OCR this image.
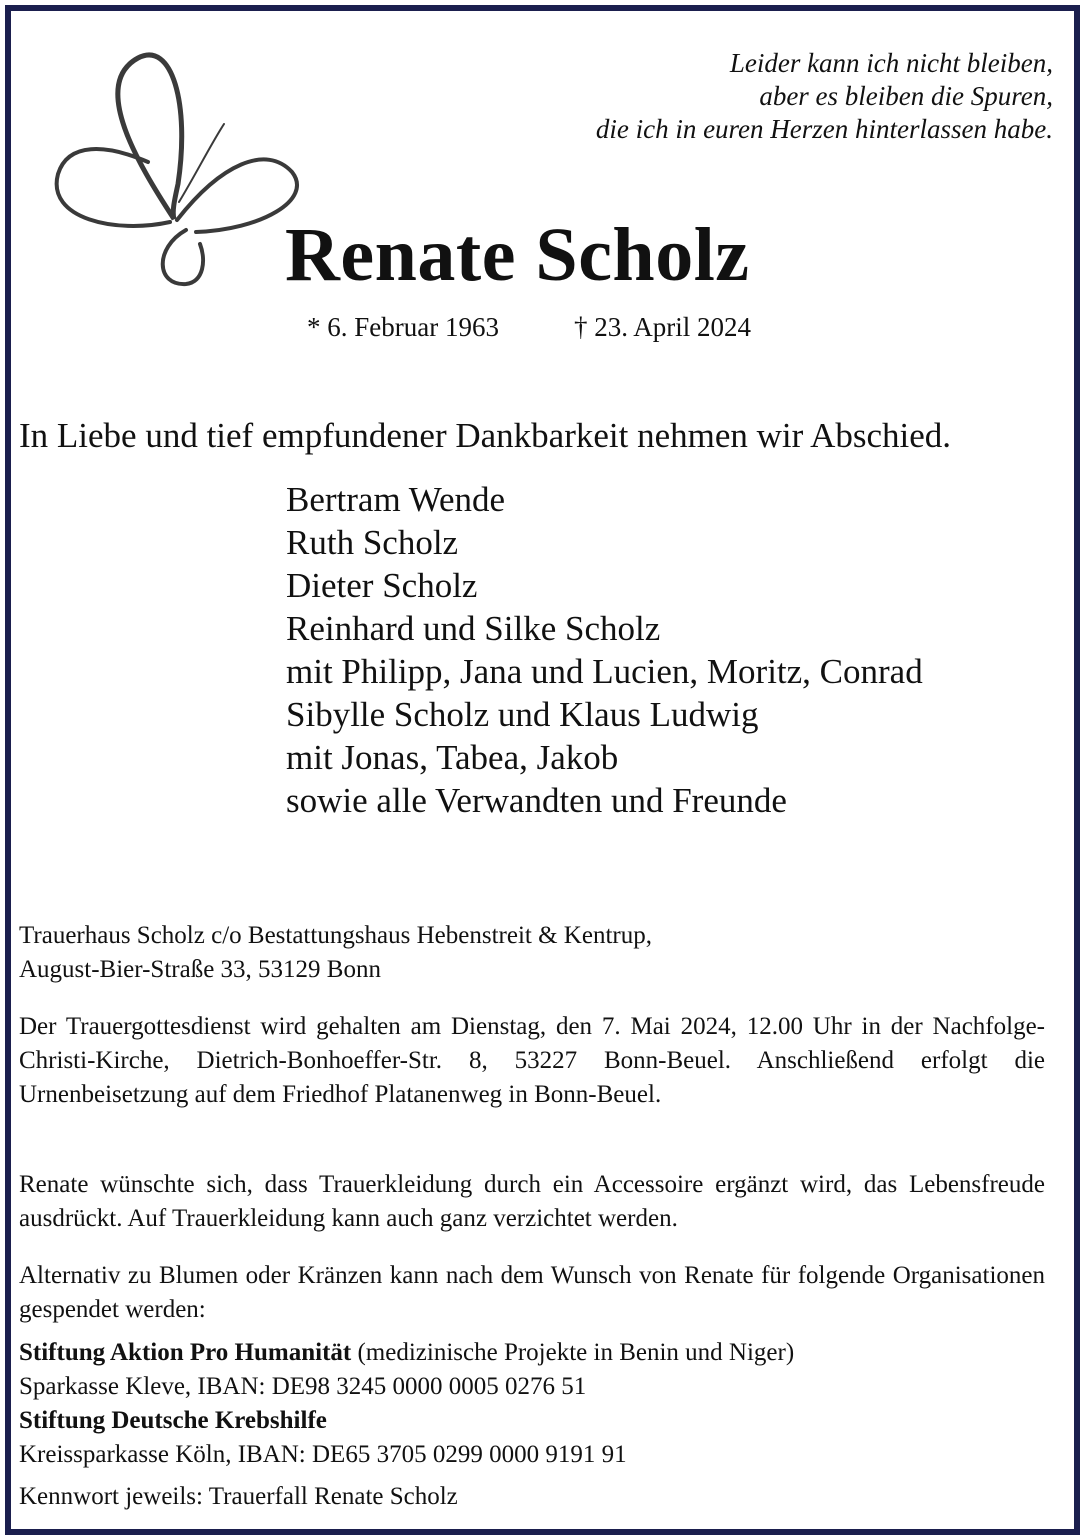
Leider kann ich nicht bleiben,
aber es bleiben die Spuren,
die ich in euren Herzen hinterlassen habe.
Renate Scholz
* 6. Februar 1963	† 23. April 2024
In Liebe und tief empfundener Dankbarkeit nehmen wir Abschied.
Bertram Wende
Ruth Scholz
Dieter Scholz
Reinhard und Silke Scholz
mit Philipp, Jana und Lucien, Moritz, Conrad
Sibylle Scholz und Klaus Ludwig
mit Jonas, Tabea, Jakob
sowie alle Verwandten und Freunde
Trauerhaus Scholz c/o Bestattungshaus Hebenstreit & Kentrup,
August-Bier-Straße 33, 53129 Bonn
Der Trauergottesdienst wird gehalten am Dienstag, den 7. Mai 2024, 12.00 Uhr in der Nachfolge-Christi-Kirche, Dietrich-Bonhoeffer-Str. 8, 53227 Bonn-Beuel. Anschließend erfolgt die Urnenbeisetzung auf dem Friedhof Platanenweg in Bonn-Beuel.
Renate wünschte sich, dass Trauerkleidung durch ein Accessoire ergänzt wird, das Lebensfreude ausdrückt. Auf Trauerkleidung kann auch ganz verzichtet werden.
Alternativ zu Blumen oder Kränzen kann nach dem Wunsch von Renate für folgende Organisationen gespendet werden:
Stiftung Aktion Pro Humanität (medizinische Projekte in Benin und Niger)
Sparkasse Kleve, IBAN: DE98 3245 0000 0005 0276 51
Stiftung Deutsche Krebshilfe
Kreissparkasse Köln, IBAN: DE65 3705 0299 0000 9191 91
Kennwort jeweils: Trauerfall Renate Scholz
